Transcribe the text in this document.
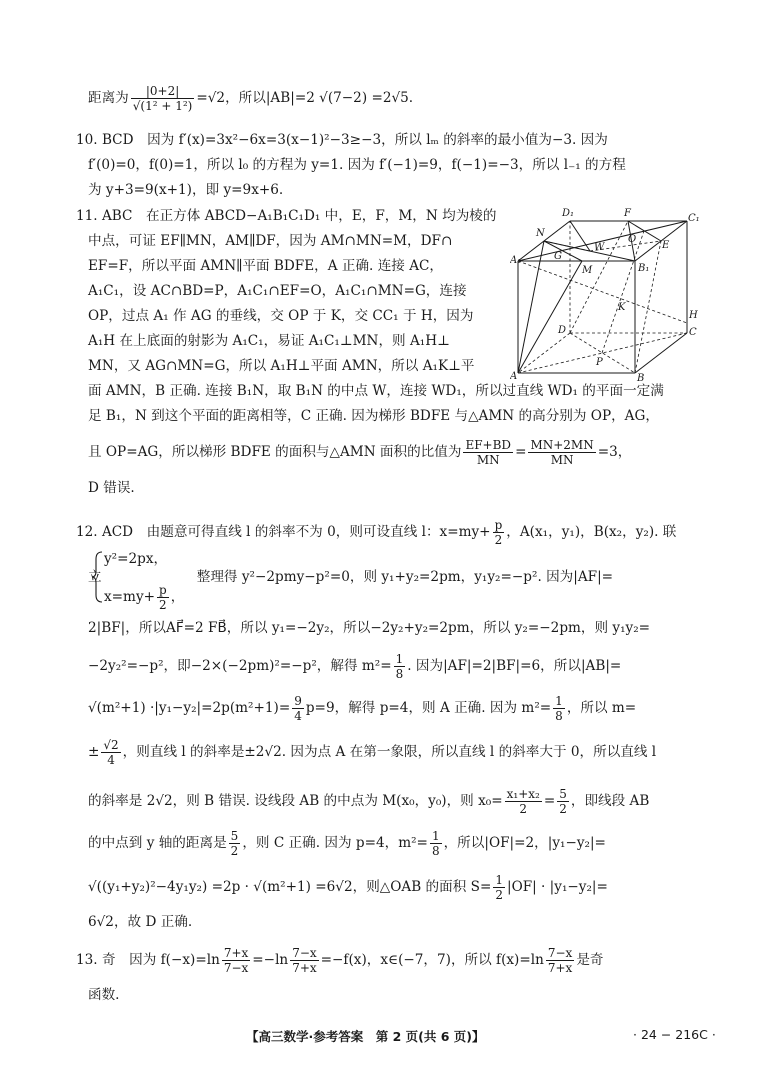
距离为 $\frac{|0+2|}{\text{√(1² + 1²)}} =√2$，所以|AB|=2 √(7−2) =2√5.
10. BCD　因为 f′(x)=3x²−6x=3(x−1)²−3≥−3，所以 lₘ 的斜率的最小值为−3. 因为
f′(0)=0，f(0)=1，所以 l₀ 的方程为 y=1. 因为 f′(−1)=9，f(−1)=−3，所以 l₋₁ 的方程
为 y+3=9(x+1)，即 y=9x+6.
11. ABC　在正方体 ABCD−A₁B₁C₁D₁ 中，E，F，M，N 均为棱的
中点，可证 EF∥MN，AM∥DF，因为 AM∩MN=M，DF∩
EF=F，所以平面 AMN∥平面 BDFE，A 正确. 连接 AC，
A₁C₁，设 AC∩BD=P，A₁C₁∩EF=O，A₁C₁∩MN=G，连接
OP，过点 A₁ 作 AG 的垂线，交 OP 于 K，交 CC₁ 于 H，因为
A₁H 在上底面的射影为 A₁C₁，易证 A₁C₁⊥MN，则 A₁H⊥
MN，又 AG∩MN=G，所以 A₁H⊥平面 AMN，所以 A₁K⊥平
面 AMN，B 正确. 连接 B₁N，取 B₁N 的中点 W，连接 WD₁，所以过直线 WD₁ 的平面一定满
足 B₁，N 到这个平面的距离相等，C 正确. 因为梯形 BDFE 与△AMN 的高分别为 OP，AG，
且 OP=AG，所以梯形 BDFE 的面积与△AMN 面积的比值为 $\frac{EF+BD}{MN} = \frac{MN+2MN}{MN} =3$，
D 错误.
12. ACD　由题意可得直线 l 的斜率不为 0，则可设直线 l：$x=my+ \frac{p}{2}$ ，A(x₁，y₁)，B(x₂，y₂). 联
y²=2px，
立　　　　　　　	整理得 y²−2pmy−p²=0，则 y₁+y₂=2pm，y₁y₂=−p². 因为|AF|=
$x=my+ \frac{p}{2}$ ，
2|BF|，所以AF⃗=2 FB⃗，所以 y₁=−2y₂，所以−2y₂+y₂=2pm，所以 y₂=−2pm，则 y₁y₂=
−2y₂²=−p²，即−2×(−2pm)²=−p²，解得 $m^2= \frac{1}{8}$ . 因为|AF|=2|BF|=6，所以|AB|=
$√(m^2+1) \cdot|y_1-y_2|=2p(m^2+1)= \frac{9}{4} p=9$，解得 p=4，则 A 正确. 因为 $m^2= \frac{1}{8}$ ，所以 m=
± $\frac{√2}{4}$ ，则直线 l 的斜率是±2√2. 因为点 A 在第一象限，所以直线 l 的斜率大于 0，所以直线 l
的斜率是 2√2，则 B 错误. 设线段 AB 的中点为 M(x₀，y₀)，则 $x_0= \frac{\text{x₁+x₂}}{2} = \frac{5}{2}$ ，即线段 AB
的中点到 y 轴的距离是 $\frac{5}{2}$ ，则 C 正确. 因为 p=4，$m^2= \frac{1}{8}$ ，所以|OF|=2，|y₁−y₂|=
√((y₁+y₂)²−4y₁y₂) =2p · √(m²+1) =6√2，则△OAB 的面积 $S= \frac{1}{2} |OF| \cdot |y_1-y_2|=$
6√2，故 D 正确.
13. 奇　因为 $f(-x)=\ln \frac{7+x}{7-x} =-\ln \frac{7-x}{7+x} =-f(x)$，x∈(−7，7)，所以 $f(x)=\ln \frac{7-x}{7+x}$ 是奇
函数.
D₁	F	C₁
N
W
O
E
G
A₁
M	B₁
K
H
D	C
P
A	B
【高三数学·参考答案　第 2 页(共 6 页)】	· 24 − 216C ·
